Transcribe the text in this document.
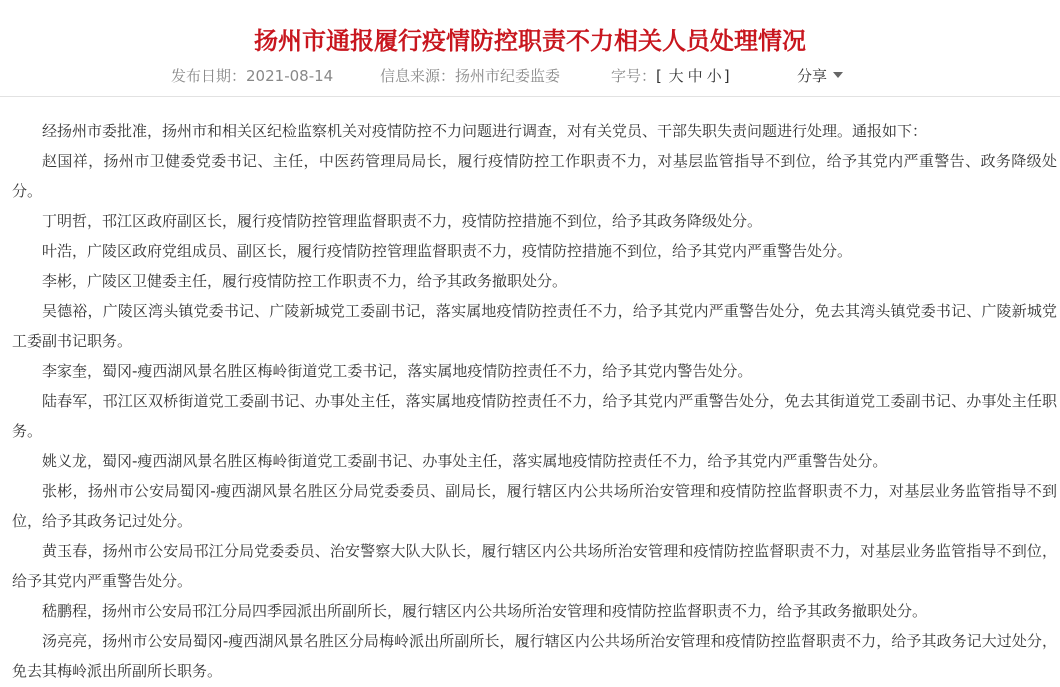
扬州市通报履行疫情防控职责不力相关人员处理情况
发布日期：2021-08-14	信息来源：扬州市纪委监委	字号：[ 大 中 小 ]	分享

经扬州市委批准，扬州市和相关区纪检监察机关对疫情防控不力问题进行调查，对有关党员、干部失职失责问题进行处理。通报如下：

赵国祥，扬州市卫健委党委书记、主任，中医药管理局局长，履行疫情防控工作职责不力，对基层监管指导不到位，给予其党内严重警告、政务降级处分。

丁明哲，邗江区政府副区长，履行疫情防控管理监督职责不力，疫情防控措施不到位，给予其政务降级处分。

叶浩，广陵区政府党组成员、副区长，履行疫情防控管理监督职责不力，疫情防控措施不到位，给予其党内严重警告处分。

李彬，广陵区卫健委主任，履行疫情防控工作职责不力，给予其政务撤职处分。

吴德裕，广陵区湾头镇党委书记、广陵新城党工委副书记，落实属地疫情防控责任不力，给予其党内严重警告处分，免去其湾头镇党委书记、广陵新城党工委副书记职务。

李家奎，蜀冈-瘦西湖风景名胜区梅岭街道党工委书记，落实属地疫情防控责任不力，给予其党内警告处分。

陆春军，邗江区双桥街道党工委副书记、办事处主任，落实属地疫情防控责任不力，给予其党内严重警告处分，免去其街道党工委副书记、办事处主任职务。

姚义龙，蜀冈-瘦西湖风景名胜区梅岭街道党工委副书记、办事处主任，落实属地疫情防控责任不力，给予其党内严重警告处分。

张彬，扬州市公安局蜀冈-瘦西湖风景名胜区分局党委委员、副局长，履行辖区内公共场所治安管理和疫情防控监督职责不力，对基层业务监管指导不到位，给予其政务记过处分。

黄玉春，扬州市公安局邗江分局党委委员、治安警察大队大队长，履行辖区内公共场所治安管理和疫情防控监督职责不力，对基层业务监管指导不到位，给予其党内严重警告处分。

嵇鹏程，扬州市公安局邗江分局四季园派出所副所长，履行辖区内公共场所治安管理和疫情防控监督职责不力，给予其政务撤职处分。

汤亮亮，扬州市公安局蜀冈-瘦西湖风景名胜区分局梅岭派出所副所长，履行辖区内公共场所治安管理和疫情防控监督职责不力，给予其政务记大过处分，免去其梅岭派出所副所长职务。
